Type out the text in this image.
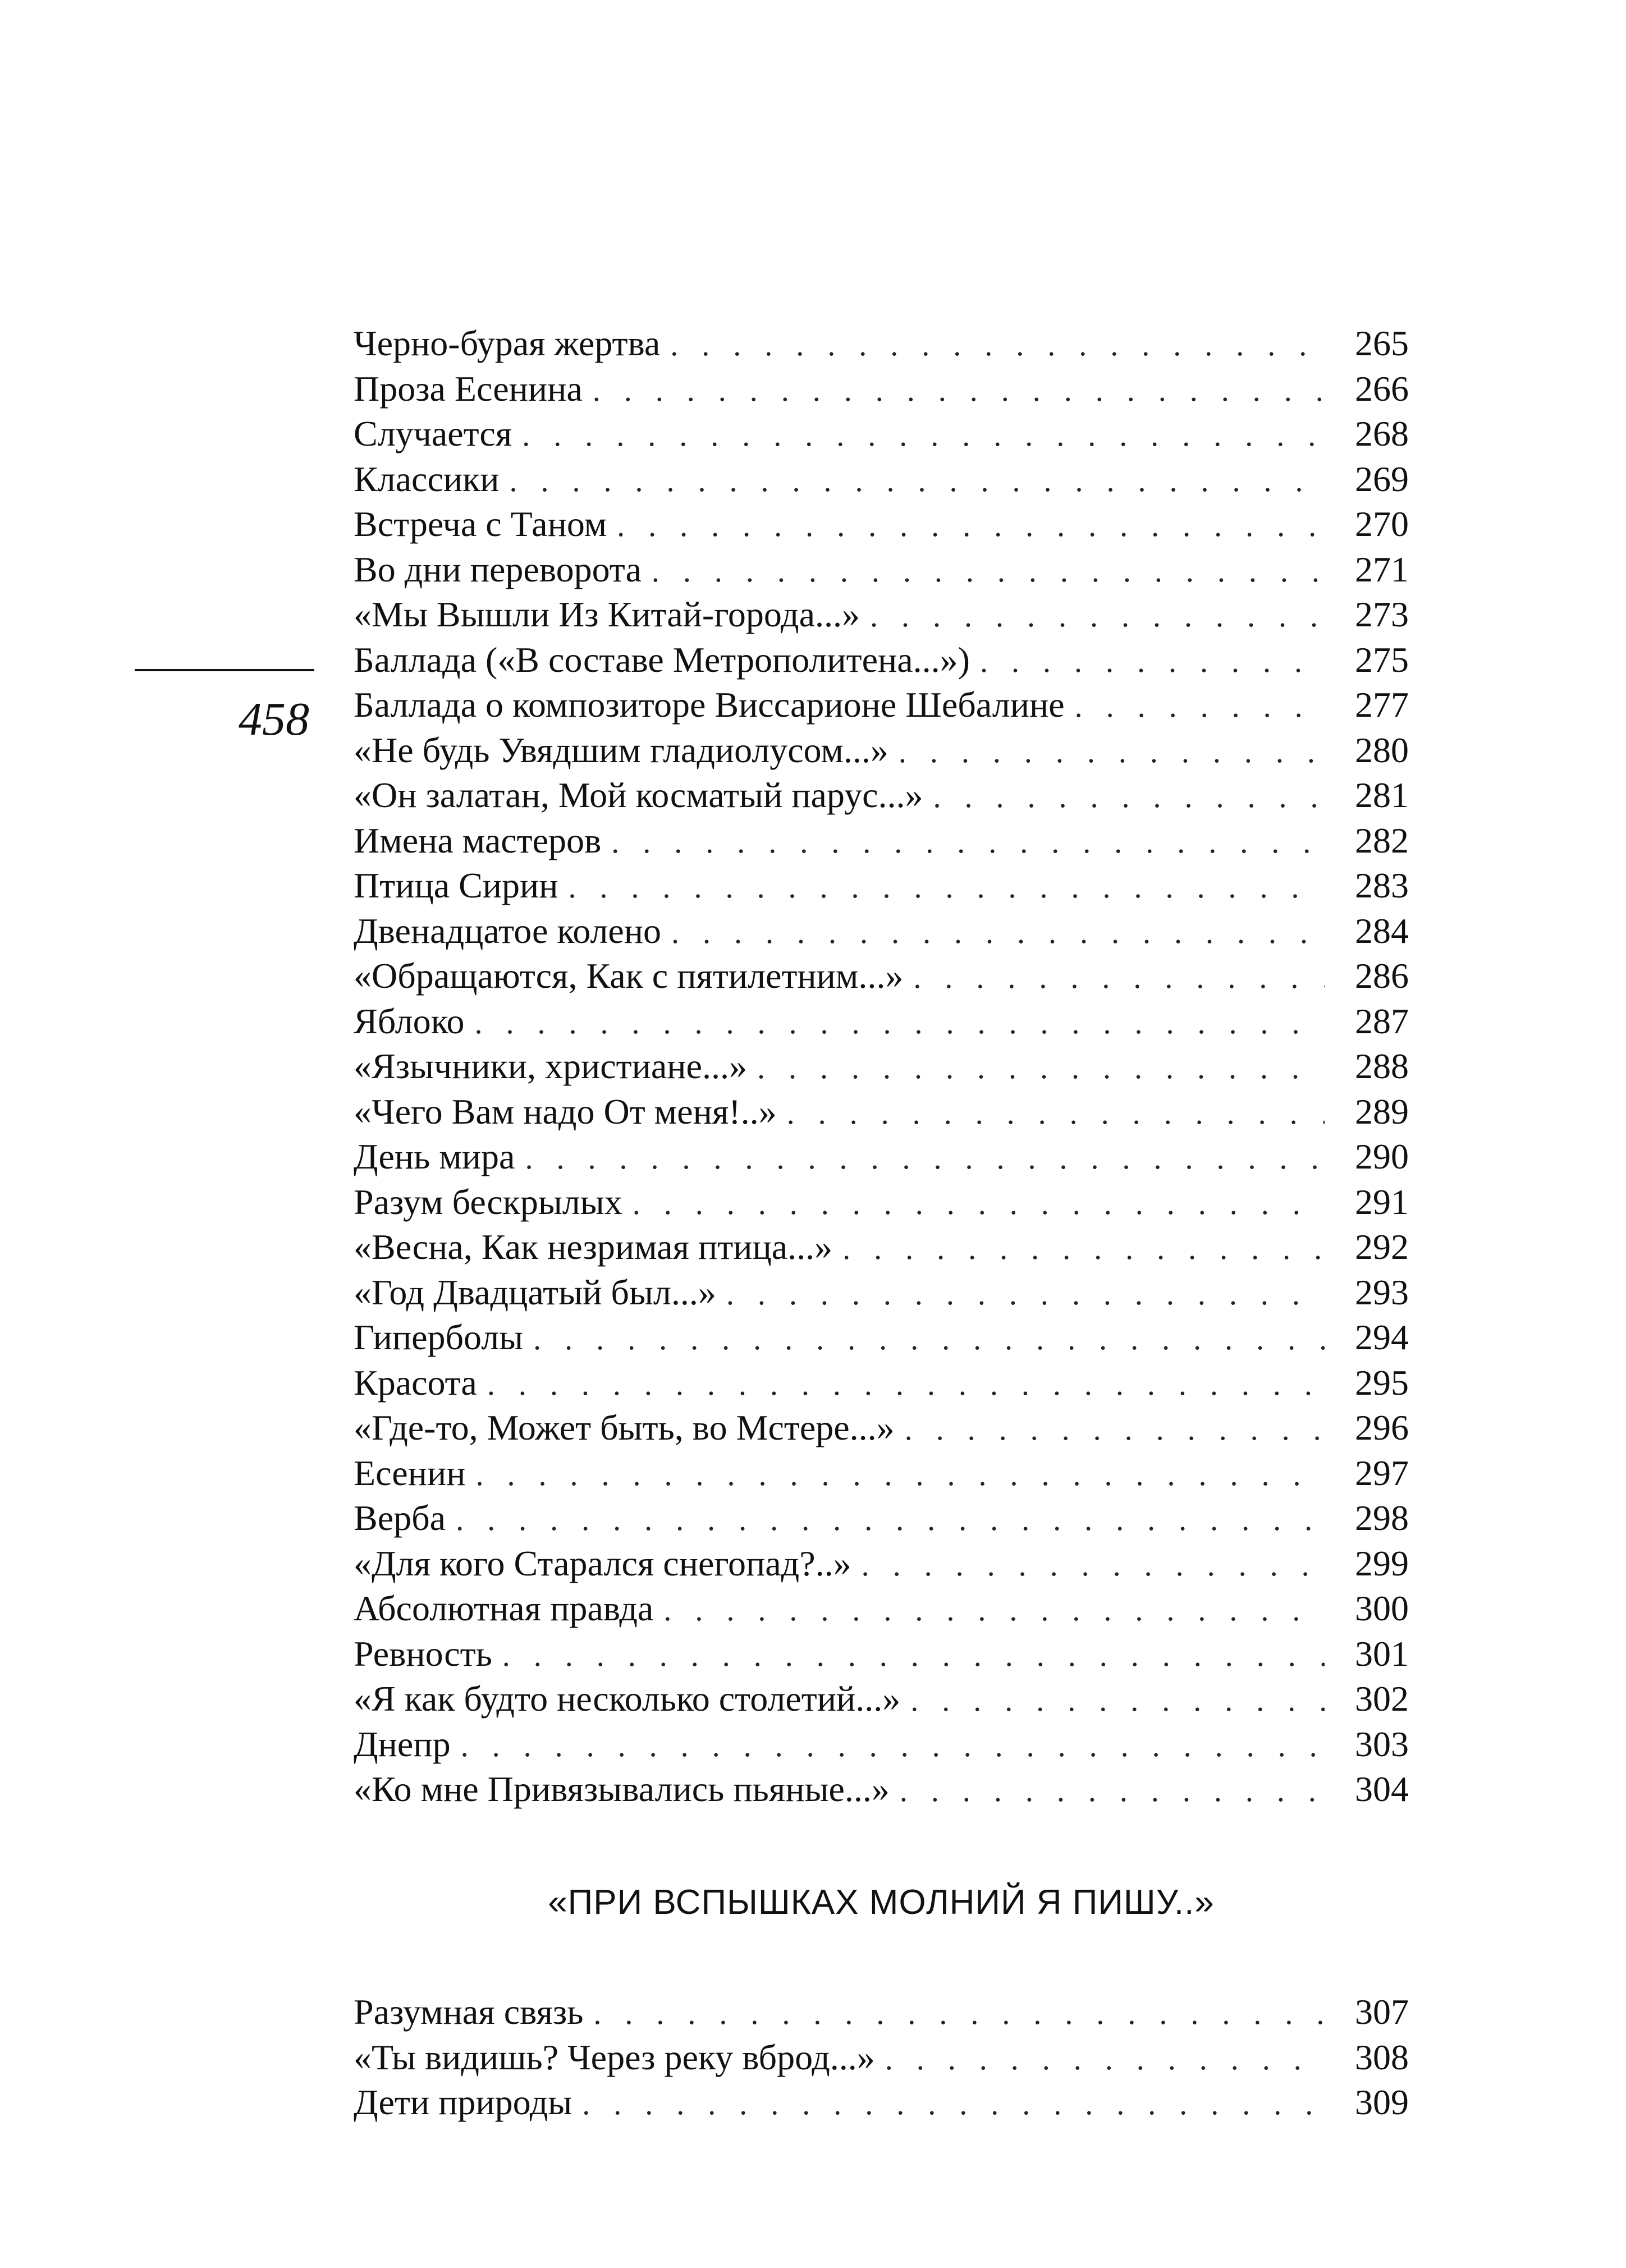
458
Черно-бурая жертва . . .	265
Проза Есенина . . .	266
Случается . . .	268
Классики . . .	269
Встреча с Таном . . .	270
Во дни переворота . . .	271
«Мы Вышли Из Китай-города...» . . .	273
Баллада («В составе Метрополитена...») . . .	275
Баллада о композиторе Виссарионе Шебалине . . .	277
«Не будь Увядшим гладиолусом...» . . .	280
«Он залатан, Мой косматый парус...» . . .	281
Имена мастеров . . .	282
Птица Сирин . . .	283
Двенадцатое колено . . .	284
«Обращаются, Как с пятилетним...» . . .	286
Яблоко . . .	287
«Язычники, христиане...» . . .	288
«Чего Вам надо От меня!..» . . .	289
День мира . . .	290
Разум бескрылых . . .	291
«Весна, Как незримая птица...» . . .	292
«Год Двадцатый был...» . . .	293
Гиперболы . . .	294
Красота . . .	295
«Где-то, Может быть, во Мстере...» . . .	296
Есенин . . .	297
Верба . . .	298
«Для кого Старался снегопад?..» . . .	299
Абсолютная правда . . .	300
Ревность . . .	301
«Я как будто несколько столетий...» . . .	302
Днепр . . .	303
«Ко мне Привязывались пьяные...» . . .	304
«ПРИ ВСПЫШКАХ МОЛНИЙ Я ПИШУ..»
Разумная связь . . .	307
«Ты видишь? Через реку вброд...» . . .	308
Дети природы . . .	309
